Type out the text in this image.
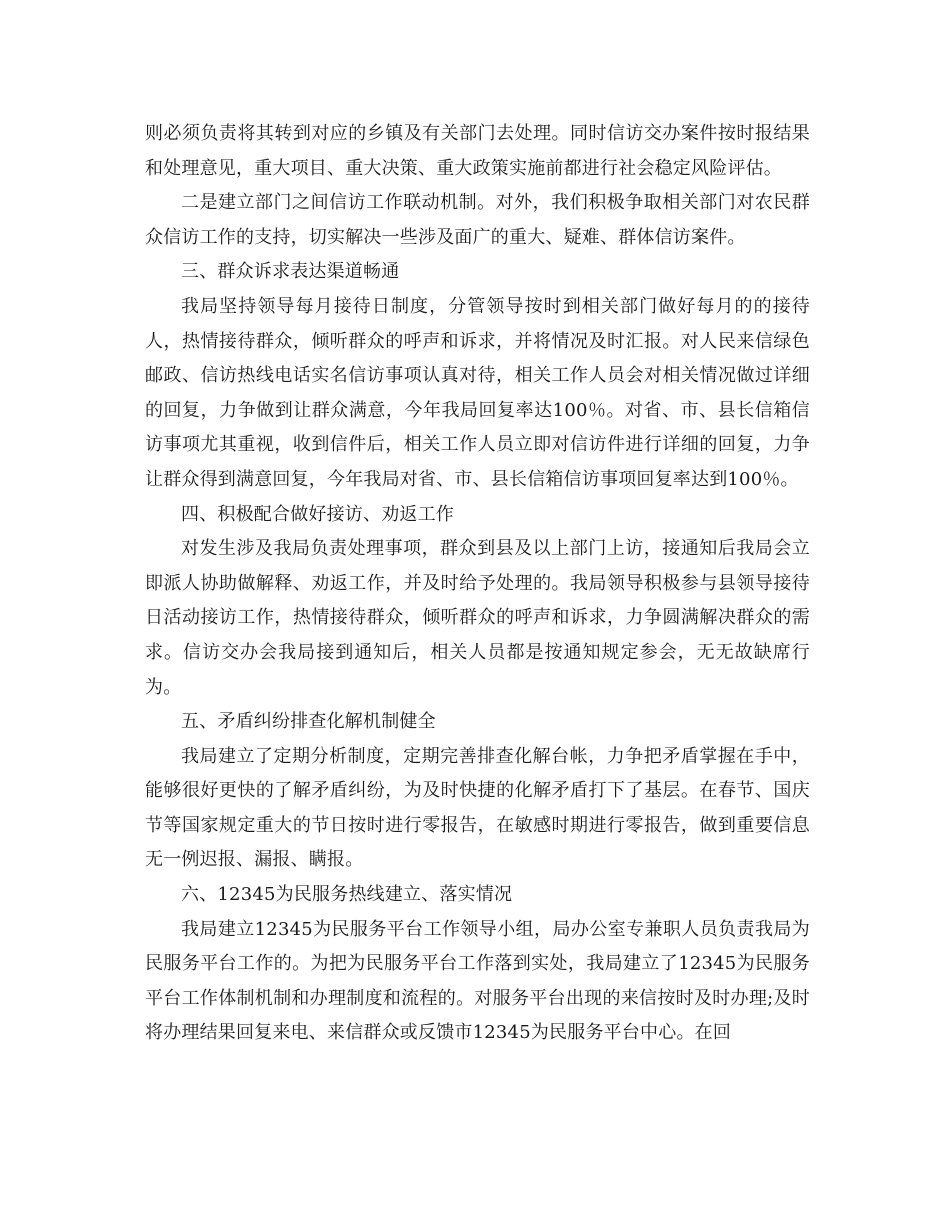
则必须负责将其转到对应的乡镇及有关部门去处理。同时信访交办案件按时报结果和处理意见，重大项目、重大决策、重大政策实施前都进行社会稳定风险评估。

二是建立部门之间信访工作联动机制。对外，我们积极争取相关部门对农民群众信访工作的支持，切实解决一些涉及面广的重大、疑难、群体信访案件。

三、群众诉求表达渠道畅通

我局坚持领导每月接待日制度，分管领导按时到相关部门做好每月的的接待人，热情接待群众，倾听群众的呼声和诉求，并将情况及时汇报。对人民来信绿色邮政、信访热线电话实名信访事项认真对待，相关工作人员会对相关情况做过详细的回复，力争做到让群众满意，今年我局回复率达100％。对省、市、县长信箱信访事项尤其重视，收到信件后，相关工作人员立即对信访件进行详细的回复，力争让群众得到满意回复，今年我局对省、市、县长信箱信访事项回复率达到100％。

四、积极配合做好接访、劝返工作

对发生涉及我局负责处理事项，群众到县及以上部门上访，接通知后我局会立即派人协助做解释、劝返工作，并及时给予处理的。我局领导积极参与县领导接待日活动接访工作，热情接待群众，倾听群众的呼声和诉求，力争圆满解决群众的需求。信访交办会我局接到通知后，相关人员都是按通知规定参会，无无故缺席行为。

五、矛盾纠纷排查化解机制健全

我局建立了定期分析制度，定期完善排查化解台帐，力争把矛盾掌握在手中，能够很好更快的了解矛盾纠纷，为及时快捷的化解矛盾打下了基层。在春节、国庆节等国家规定重大的节日按时进行零报告，在敏感时期进行零报告，做到重要信息无一例迟报、漏报、瞒报。

六、12345为民服务热线建立、落实情况

我局建立12345为民服务平台工作领导小组，局办公室专兼职人员负责我局为民服务平台工作的。为把为民服务平台工作落到实处，我局建立了12345为民服务平台工作体制机制和办理制度和流程的。对服务平台出现的来信按时及时办理;及时将办理结果回复来电、来信群众或反馈市12345为民服务平台中心。在回
